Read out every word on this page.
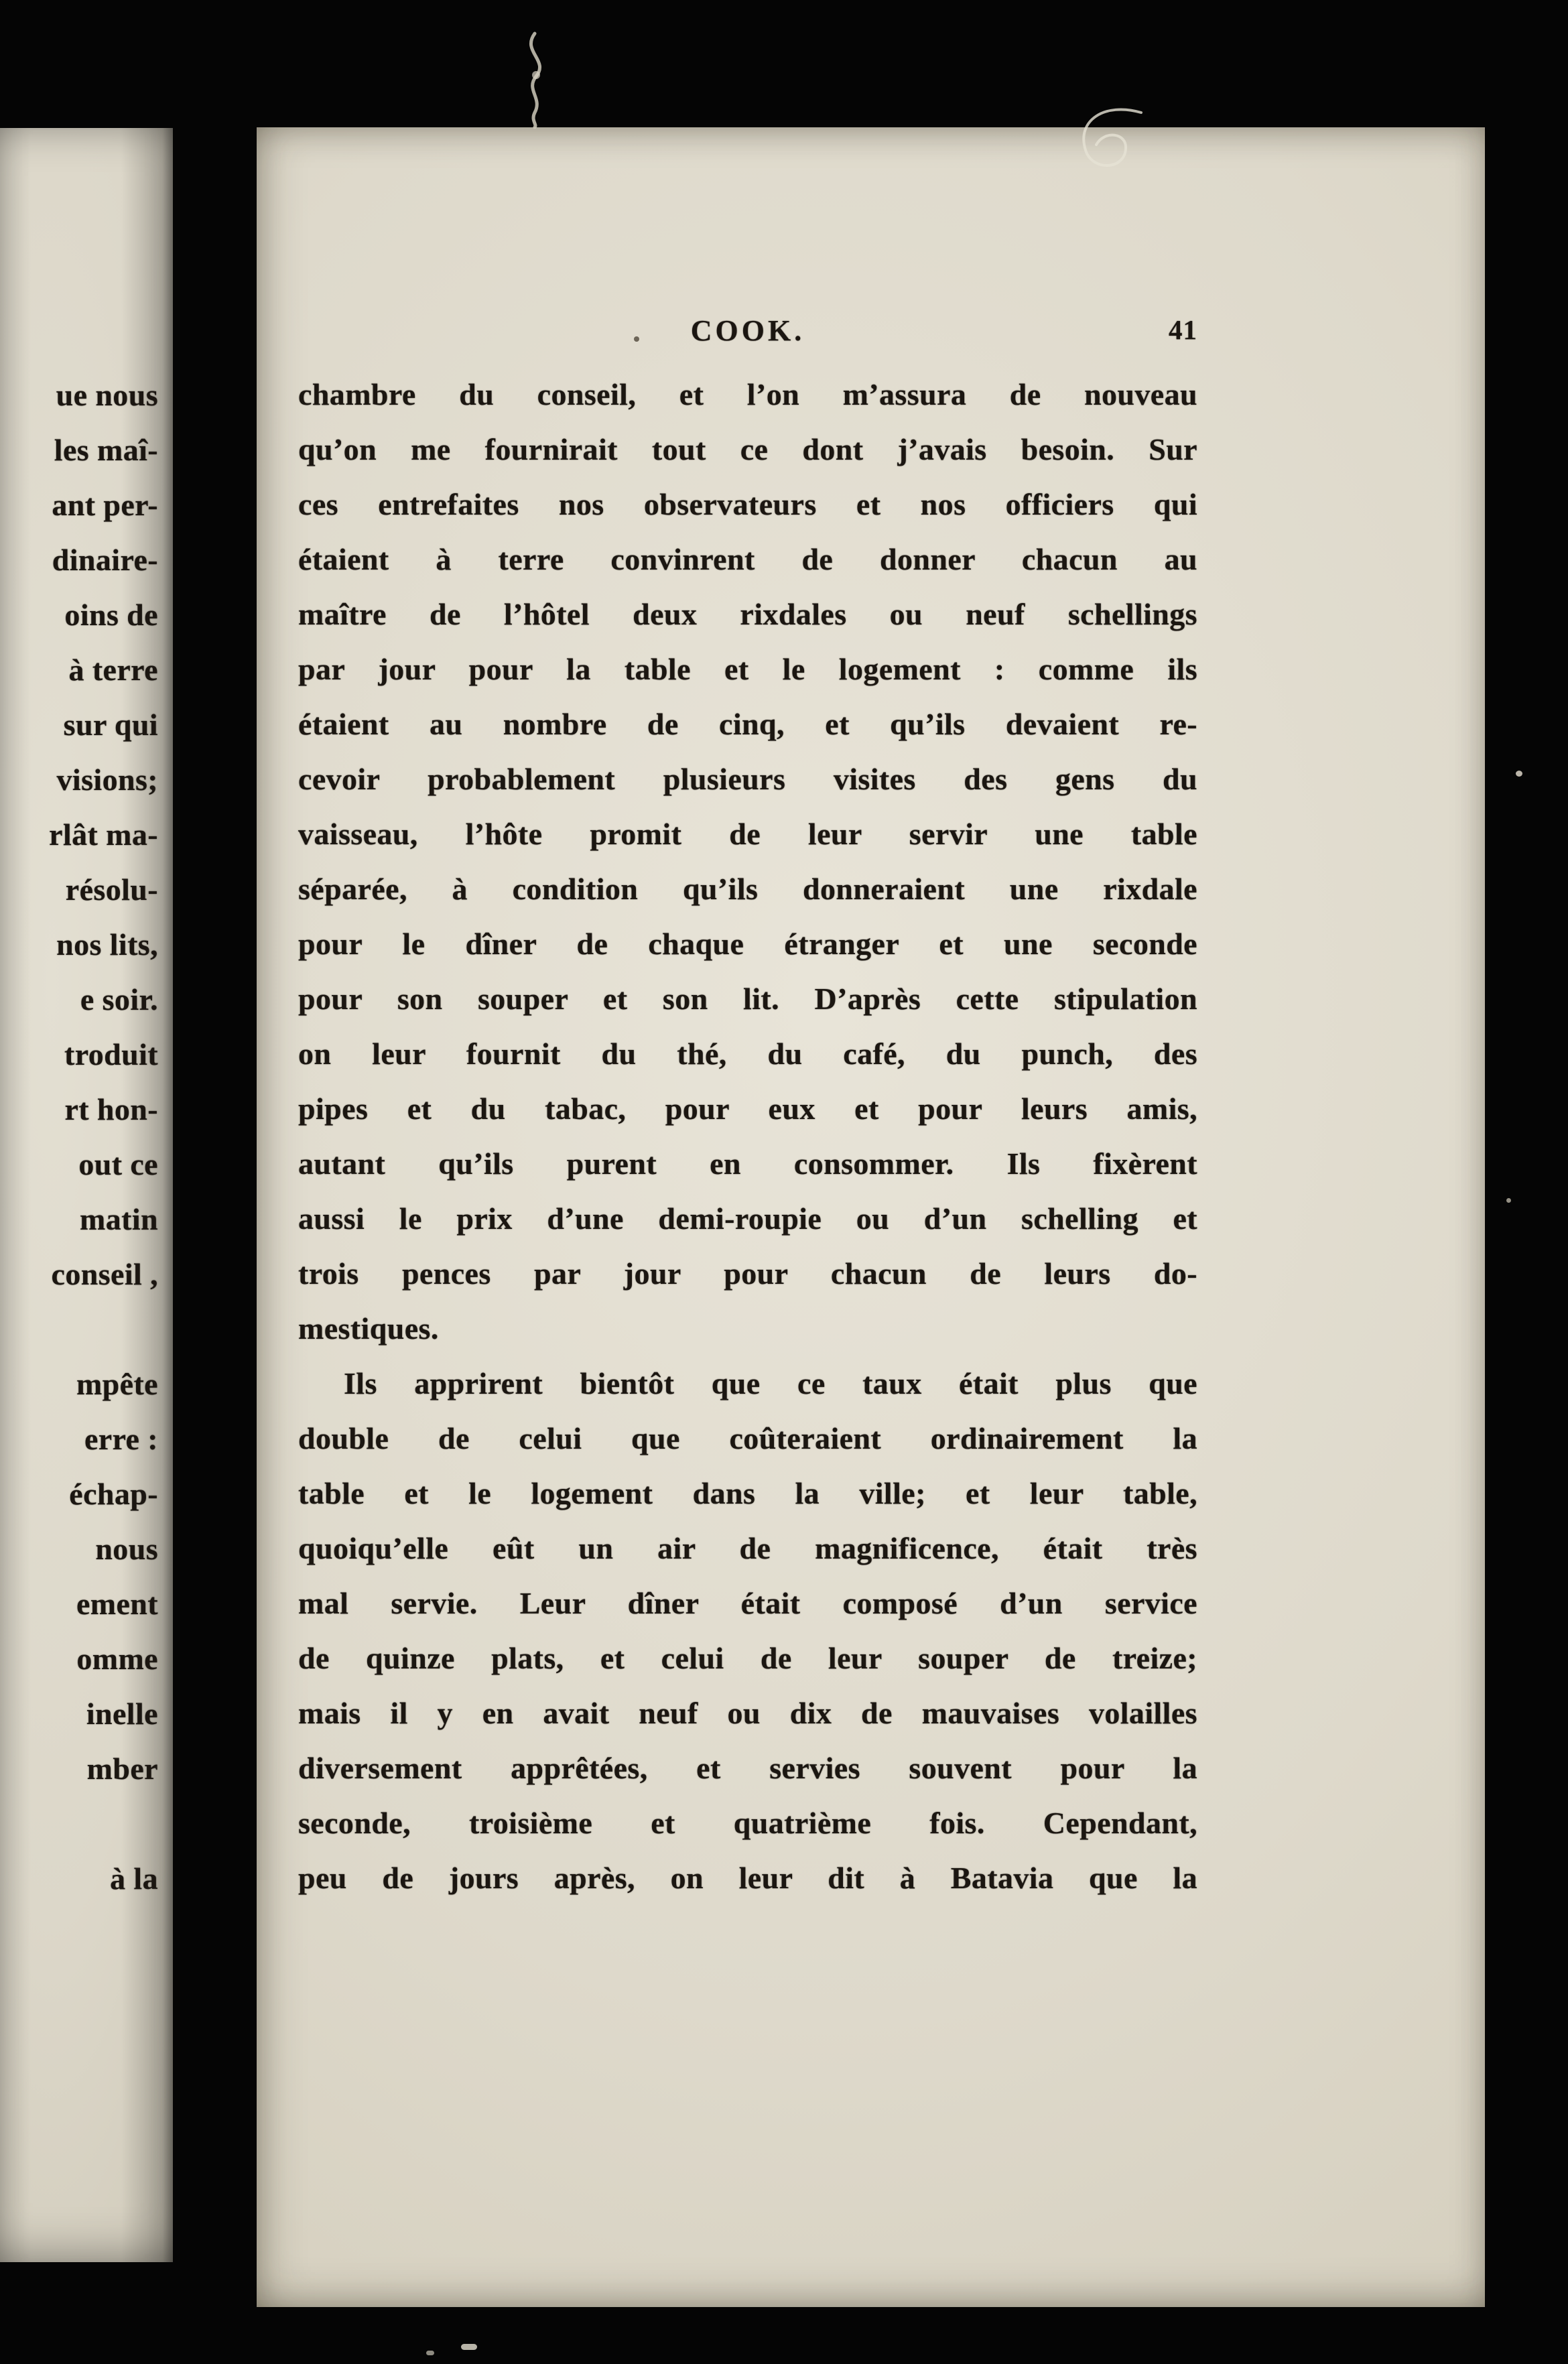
ue nous
les maî-
ant per-
dinaire-
oins de
à terre
sur qui
visions;
rlât ma-
résolu-
nos lits,
e soir.
troduit
rt hon-
out ce
matin
conseil ,
mpête
erre :
échap-
nous
ement
omme
inelle
mber
à la
COOK.	41
chambre du conseil, et l’on m’assura de nouveau
qu’on me fournirait tout ce dont j’avais besoin. Sur
ces entrefaites nos observateurs et nos officiers qui
étaient à terre convinrent de donner chacun au
maître de l’hôtel deux rixdales ou neuf schellings
par jour pour la table et le logement : comme ils
étaient au nombre de cinq, et qu’ils devaient re-
cevoir probablement plusieurs visites des gens du
vaisseau, l’hôte promit de leur servir une table
séparée, à condition qu’ils donneraient une rixdale
pour le dîner de chaque étranger et une seconde
pour son souper et son lit. D’après cette stipulation
on leur fournit du thé, du café, du punch, des
pipes et du tabac, pour eux et pour leurs amis,
autant qu’ils purent en consommer. Ils fixèrent
aussi le prix d’une demi-roupie ou d’un schelling et
trois pences par jour pour chacun de leurs do-
mestiques.
Ils apprirent bientôt que ce taux était plus que
double de celui que coûteraient ordinairement la
table et le logement dans la ville; et leur table,
quoiqu’elle eût un air de magnificence, était très
mal servie. Leur dîner était composé d’un service
de quinze plats, et celui de leur souper de treize;
mais il y en avait neuf ou dix de mauvaises volailles
diversement apprêtées, et servies souvent pour la
seconde, troisième et quatrième fois. Cependant,
peu de jours après, on leur dit à Batavia que la
